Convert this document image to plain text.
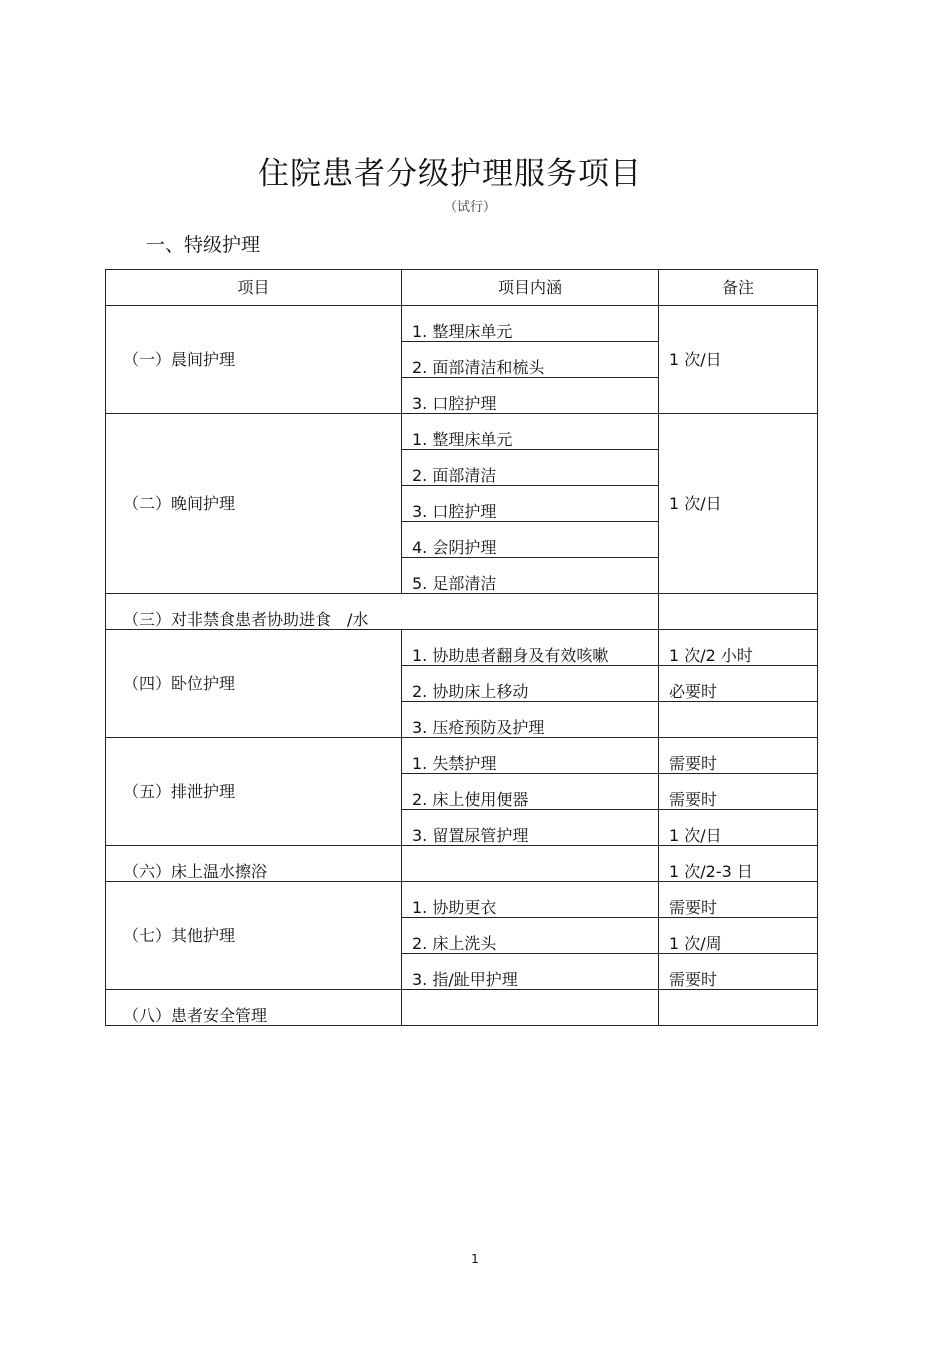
住院患者分级护理服务项目
（试行）
一、特级护理
项目	项目内涵	备注

（一）晨间护理	1. 整理床单元	1 次/日

	2. 面部清洁和梳头	

	3. 口腔护理	

（二）晚间护理	1. 整理床单元	1 次/日

	2. 面部清洁	

	3. 口腔护理	

	4. 会阴护理	

	5. 足部清洁	

（三）对非禁食患者协助进食　/水		

（四）卧位护理	1. 协助患者翻身及有效咳嗽	1 次/2 小时

	2. 协助床上移动	必要时

	3. 压疮预防及护理	

（五）排泄护理	1. 失禁护理	需要时

	2. 床上使用便器	需要时

	3. 留置尿管护理	1 次/日

（六）床上温水擦浴		1 次/2-3 日

（七）其他护理	1. 协助更衣	需要时

	2. 床上洗头	1 次/周

	3. 指/趾甲护理	需要时

（八）患者安全管理		

1
